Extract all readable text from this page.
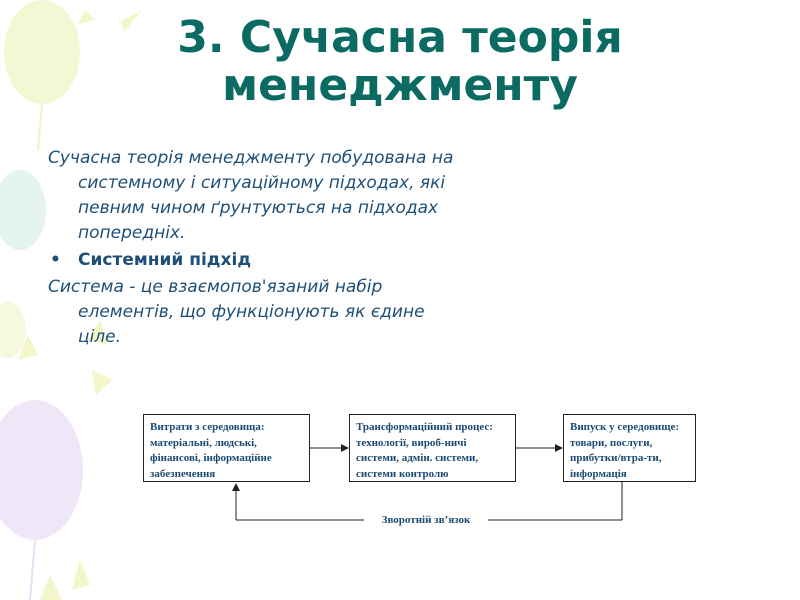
3. Сучасна теорія
менеджменту

Сучасна теорія менеджменту побудована на системному і ситуаційному підходах, які певним чином ґрунтуються на підходах попередніх.

• Системний підхід

Система - це взаємопов'язаний набір елементів, що функціонують як єдине ціле.

Витрати з середовища: матеріальні, людські, фінансові, інформаційне забезпечення
Трансформаційний процес: технології, вироб-ничі системи, адмін. системи, системи контролю
Випуск у середовище: товари, послуги, прибутки/втра-ти, інформація
Зворотній зв’язок
